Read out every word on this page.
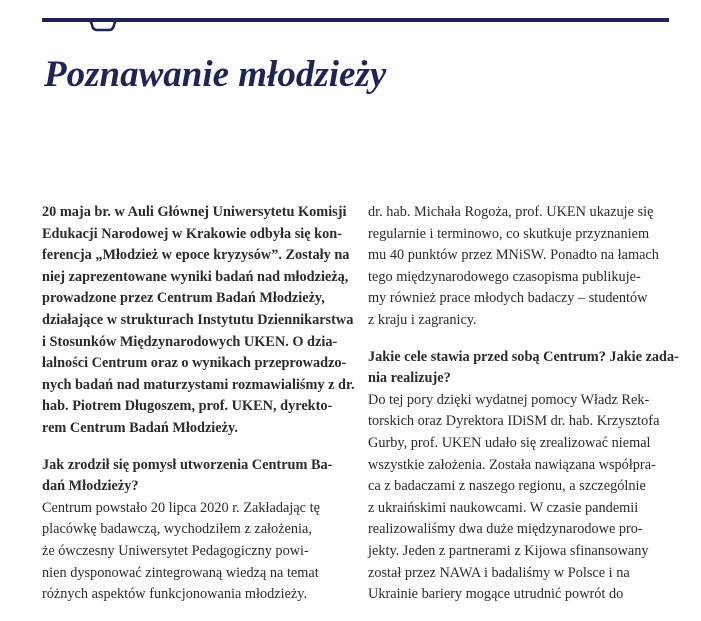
Poznawanie młodzieży

20 maja br. w Auli Głównej Uniwersytetu Komisji
Edukacji Narodowej w Krakowie odbyła się kon-
ferencja „Młodzież w epoce kryzysów”. Zostały na
niej zaprezentowane wyniki badań nad młodzieżą,
prowadzone przez Centrum Badań Młodzieży,
działające w strukturach Instytutu Dziennikarstwa
i Stosunków Międzynarodowych UKEN. O dzia-
łalności Centrum oraz o wynikach przeprowadzo-
nych badań nad maturzystami rozmawialiśmy z dr.
hab. Piotrem Długoszem, prof. UKEN, dyrekto-
rem Centrum Badań Młodzieży.

Jak zrodził się pomysł utworzenia Centrum Ba-
dań Młodzieży?

Centrum powstało 20 lipca 2020 r. Zakładając tę
placówkę badawczą, wychodziłem z założenia,
że ówczesny Uniwersytet Pedagogiczny powi-
nien dysponować zintegrowaną wiedzą na temat
różnych aspektów funkcjonowania młodzieży.

dr. hab. Michała Rogoża, prof. UKEN ukazuje się
regularnie i terminowo, co skutkuje przyznaniem
mu 40 punktów przez MNiSW. Ponadto na łamach
tego międzynarodowego czasopisma publikuje-
my również prace młodych badaczy – studentów
z kraju i zagranicy.

Jakie cele stawia przed sobą Centrum? Jakie zada-
nia realizuje?

Do tej pory dzięki wydatnej pomocy Władz Rek-
torskich oraz Dyrektora IDiSM dr. hab. Krzysztofa
Gurby, prof. UKEN udało się zrealizować niemal
wszystkie założenia. Została nawiązana współpra-
ca z badaczami z naszego regionu, a szczególnie
z ukraińskimi naukowcami. W czasie pandemii
realizowaliśmy dwa duże międzynarodowe pro-
jekty. Jeden z partnerami z Kijowa sfinansowany
został przez NAWA i badaliśmy w Polsce i na
Ukrainie bariery mogące utrudnić powrót do
